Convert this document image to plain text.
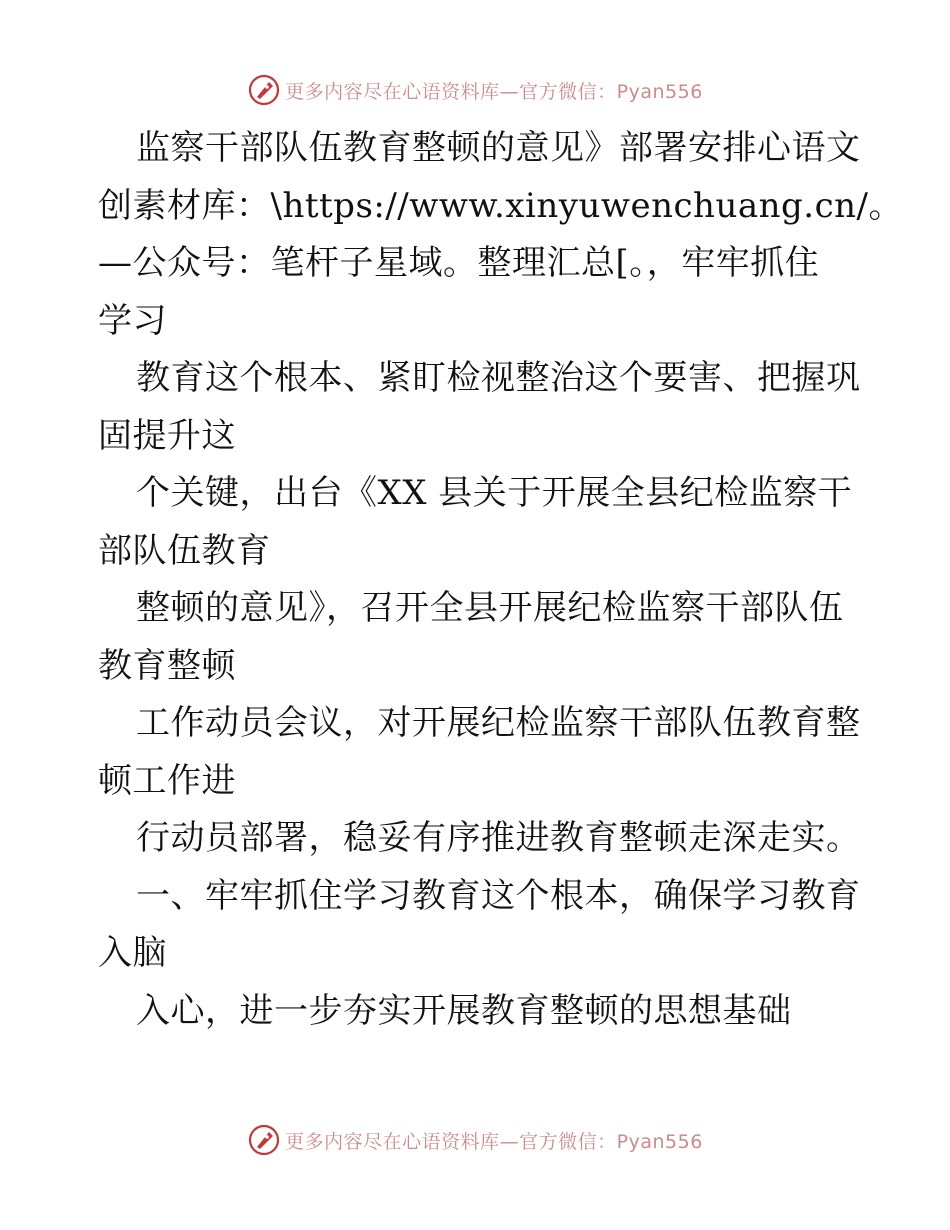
更多内容尽在心语资料库—官方微信：Pyan556
监察干部队伍教育整顿的意见》部署安排心语文
创素材库：\https://www.xinyuwenchuang.cn/。
—公众号：笔杆子星域。整理汇总[。，牢牢抓住
学习
教育这个根本、紧盯检视整治这个要害、把握巩
固提升这
个关键，出台《XX 县关于开展全县纪检监察干
部队伍教育
整顿的意见》，召开全县开展纪检监察干部队伍
教育整顿
工作动员会议，对开展纪检监察干部队伍教育整
顿工作进
行动员部署，稳妥有序推进教育整顿走深走实。
一、牢牢抓住学习教育这个根本，确保学习教育
入脑
入心，进一步夯实开展教育整顿的思想基础
更多内容尽在心语资料库—官方微信：Pyan556
